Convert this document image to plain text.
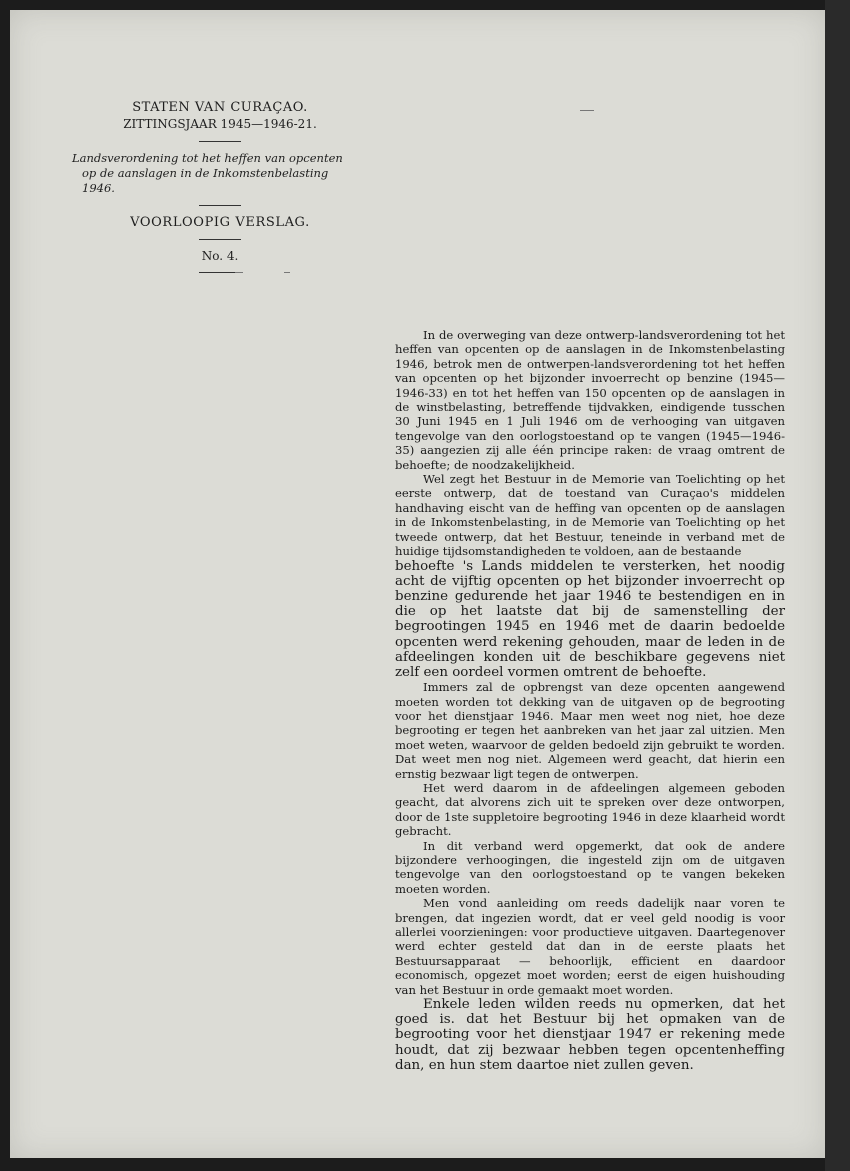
STATEN VAN CURAÇAO.
ZITTINGSJAAR 1945—1946-21.
Landsverordening tot het heffen van opcenten
op de aanslagen in de Inkomstenbelasting
1946.
VOORLOOPIG VERSLAG.
No. 4.

In de overweging van deze ontwerp-landsverordening tot het heffen van opcenten op de aanslagen in de Inkomstenbelasting 1946, betrok men de ontwerpen-landsverordening tot het heffen van opcenten op het bijzonder invoerrecht op benzine (1945—1946-33) en tot het heffen van 150 opcenten op de aanslagen in de winstbelasting, betreffende tijdvakken, eindigende tusschen 30 Juni 1945 en 1 Juli 1946 om de verhooging van uitgaven tengevolge van den oorlogstoestand op te vangen (1945—1946-35) aangezien zij alle één principe raken: de vraag omtrent de behoefte; de noodzakelijkheid.

Wel zegt het Bestuur in de Memorie van Toelichting op het eerste ontwerp, dat de toestand van Curaçao's middelen handhaving eischt van de heffing van opcenten op de aanslagen in de Inkomstenbelasting, in de Memorie van Toelichting op het tweede ontwerp, dat het Bestuur, teneinde in verband met de huidige tijdsomstandigheden te voldoen, aan de bestaande

behoefte 's Lands middelen te versterken, het noodig acht de vijftig opcenten op het bijzonder invoerrecht op benzine gedurende het jaar 1946 te bestendigen en in die op het laatste dat bij de samenstelling der begrootingen 1945 en 1946 met de daarin bedoelde opcenten werd rekening gehouden, maar de leden in de afdeelingen konden uit de beschikbare gegevens niet zelf een oordeel vormen omtrent de behoefte.

Immers zal de opbrengst van deze opcenten aangewend moeten worden tot dekking van de uitgaven op de begrooting voor het dienstjaar 1946. Maar men weet nog niet, hoe deze begrooting er tegen het aanbreken van het jaar zal uitzien. Men moet weten, waarvoor de gelden bedoeld zijn gebruikt te worden. Dat weet men nog niet. Algemeen werd geacht, dat hierin een ernstig bezwaar ligt tegen de ontwerpen.

Het werd daarom in de afdeelingen algemeen geboden geacht, dat alvorens zich uit te spreken over deze ontworpen, door de 1ste suppletoire begrooting 1946 in deze klaarheid wordt gebracht.

In dit verband werd opgemerkt, dat ook de andere bijzondere verhoogingen, die ingesteld zijn om de uitgaven tengevolge van den oorlogstoestand op te vangen bekeken moeten worden.

Men vond aanleiding om reeds dadelijk naar voren te brengen, dat ingezien wordt, dat er veel geld noodig is voor allerlei voorzieningen: voor productieve uitgaven. Daartegenover werd echter gesteld dat dan in de eerste plaats het Bestuursapparaat — behoorlijk, efficient en daardoor economisch, opgezet moet worden; eerst de eigen huishouding van het Bestuur in orde gemaakt moet worden.

Enkele leden wilden reeds nu opmerken, dat het goed is. dat het Bestuur bij het opmaken van de begrooting voor het dienstjaar 1947 er rekening mede houdt, dat zij bezwaar hebben tegen opcentenheffing dan, en hun stem daartoe niet zullen geven.
